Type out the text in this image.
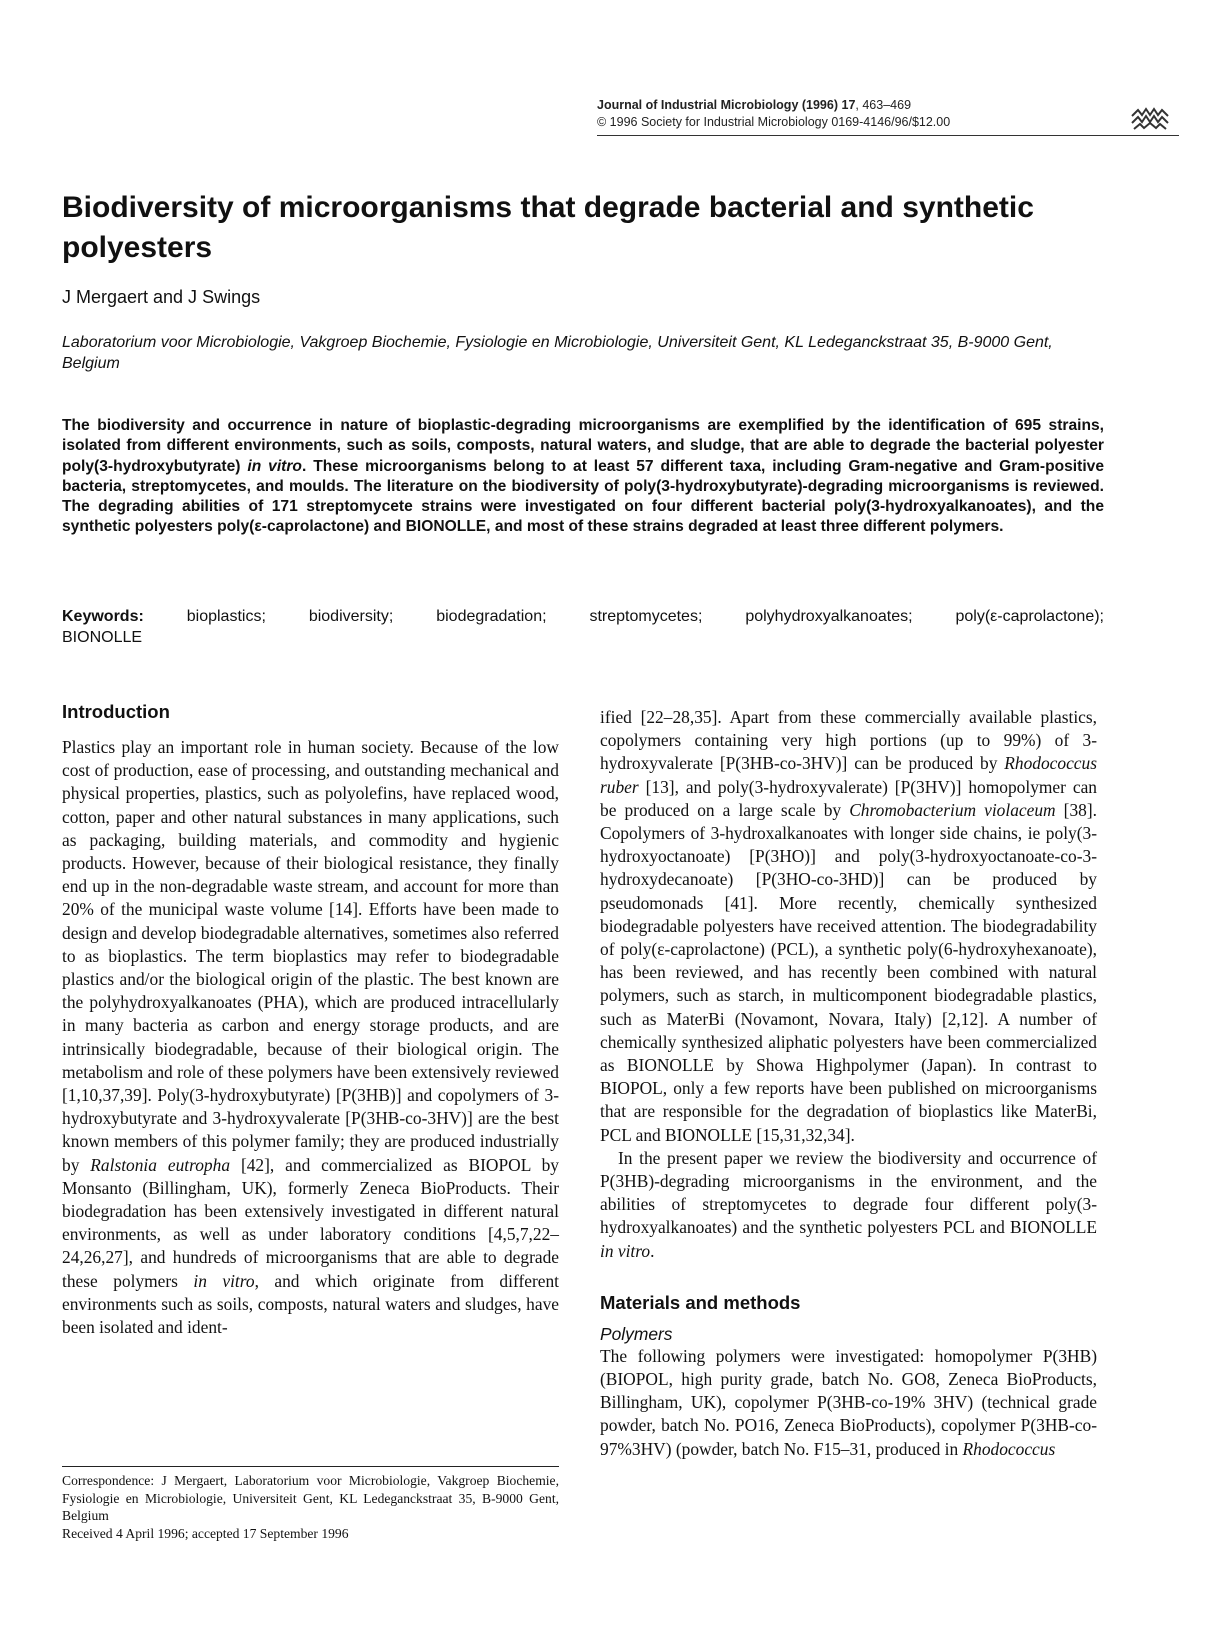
Journal of Industrial Microbiology (1996) 17, 463–469
© 1996 Society for Industrial Microbiology 0169-4146/96/$12.00
Biodiversity of microorganisms that degrade bacterial and synthetic polyesters
J Mergaert and J Swings
Laboratorium voor Microbiologie, Vakgroep Biochemie, Fysiologie en Microbiologie, Universiteit Gent, KL Ledeganckstraat 35, B-9000 Gent, Belgium

The biodiversity and occurrence in nature of bioplastic-degrading microorganisms are exemplified by the identification of 695 strains, isolated from different environments, such as soils, composts, natural waters, and sludge, that are able to degrade the bacterial polyester poly(3-hydroxybutyrate) in vitro. These microorganisms belong to at least 57 different taxa, including Gram-negative and Gram-positive bacteria, streptomycetes, and moulds. The literature on the biodiversity of poly(3-hydroxybutyrate)-degrading microorganisms is reviewed. The degrading abilities of 171 streptomycete strains were investigated on four different bacterial poly(3-hydroxyalkanoates), and the synthetic polyesters poly(ε-caprolactone) and BIONOLLE, and most of these strains degraded at least three different polymers.

Keywords:	bioplastics; biodiversity; biodegradation; streptomycetes; polyhydroxyalkanoates; poly(ε-caprolactone);
BIONOLLE
Introduction

Plastics play an important role in human society. Because of the low cost of production, ease of processing, and outstanding mechanical and physical properties, plastics, such as polyolefins, have replaced wood, cotton, paper and other natural substances in many applications, such as packaging, building materials, and commodity and hygienic products. However, because of their biological resistance, they finally end up in the non-degradable waste stream, and account for more than 20% of the municipal waste volume [14]. Efforts have been made to design and develop biodegradable alternatives, sometimes also referred to as bioplastics. The term bioplastics may refer to biodegradable plastics and/or the biological origin of the plastic. The best known are the polyhydroxyalkanoates (PHA), which are produced intracellularly in many bacteria as carbon and energy storage products, and are intrinsically biodegradable, because of their biological origin. The metabolism and role of these polymers have been extensively reviewed [1,10,37,39]. Poly(3-hydroxybutyrate) [P(3HB)] and copolymers of 3-hydroxybutyrate and 3-hydroxyvalerate [P(3HB-co-3HV)] are the best known members of this polymer family; they are produced industrially by Ralstonia eutropha [42], and commercialized as BIOPOL by Monsanto (Billingham, UK), formerly Zeneca BioProducts. Their biodegradation has been extensively investigated in different natural environments, as well as under laboratory conditions [4,5,7,22–24,26,27], and hundreds of microorganisms that are able to degrade these polymers in vitro, and which originate from different environments such as soils, composts, natural waters and sludges, have been isolated and ident-

ified [22–28,35]. Apart from these commercially available plastics, copolymers containing very high portions (up to 99%) of 3-hydroxyvalerate [P(3HB-co-3HV)] can be produced by Rhodococcus ruber [13], and poly(3-hydroxyvalerate) [P(3HV)] homopolymer can be produced on a large scale by Chromobacterium violaceum [38]. Copolymers of 3-hydroxalkanoates with longer side chains, ie poly(3-hydroxyoctanoate) [P(3HO)] and poly(3-hydroxyoctanoate-co-3-hydroxydecanoate) [P(3HO-co-3HD)] can be produced by pseudomonads [41]. More recently, chemically synthesized biodegradable polyesters have received attention. The biodegradability of poly(ε-caprolactone) (PCL), a synthetic poly(6-hydroxyhexanoate), has been reviewed, and has recently been combined with natural polymers, such as starch, in multicomponent biodegradable plastics, such as MaterBi (Novamont, Novara, Italy) [2,12]. A number of chemically synthesized aliphatic polyesters have been commercialized as BIONOLLE by Showa Highpolymer (Japan). In contrast to BIOPOL, only a few reports have been published on microorganisms that are responsible for the degradation of bioplastics like MaterBi, PCL and BIONOLLE [15,31,32,34].

In the present paper we review the biodiversity and occurrence of P(3HB)-degrading microorganisms in the environment, and the abilities of streptomycetes to degrade four different poly(3-hydroxyalkanoates) and the synthetic polyesters PCL and BIONOLLE in vitro.

Materials and methods
Polymers

The following polymers were investigated: homopolymer P(3HB) (BIOPOL, high purity grade, batch No. GO8, Zeneca BioProducts, Billingham, UK), copolymer P(3HB-co-19% 3HV) (technical grade powder, batch No. PO16, Zeneca BioProducts), copolymer P(3HB-co-97%3HV) (powder, batch No. F15–31, produced in Rhodococcus

Correspondence: J Mergaert, Laboratorium voor Microbiologie, Vakgroep Biochemie, Fysiologie en Microbiologie, Universiteit Gent, KL Ledeganckstraat 35, B-9000 Gent, Belgium
Received 4 April 1996; accepted 17 September 1996
